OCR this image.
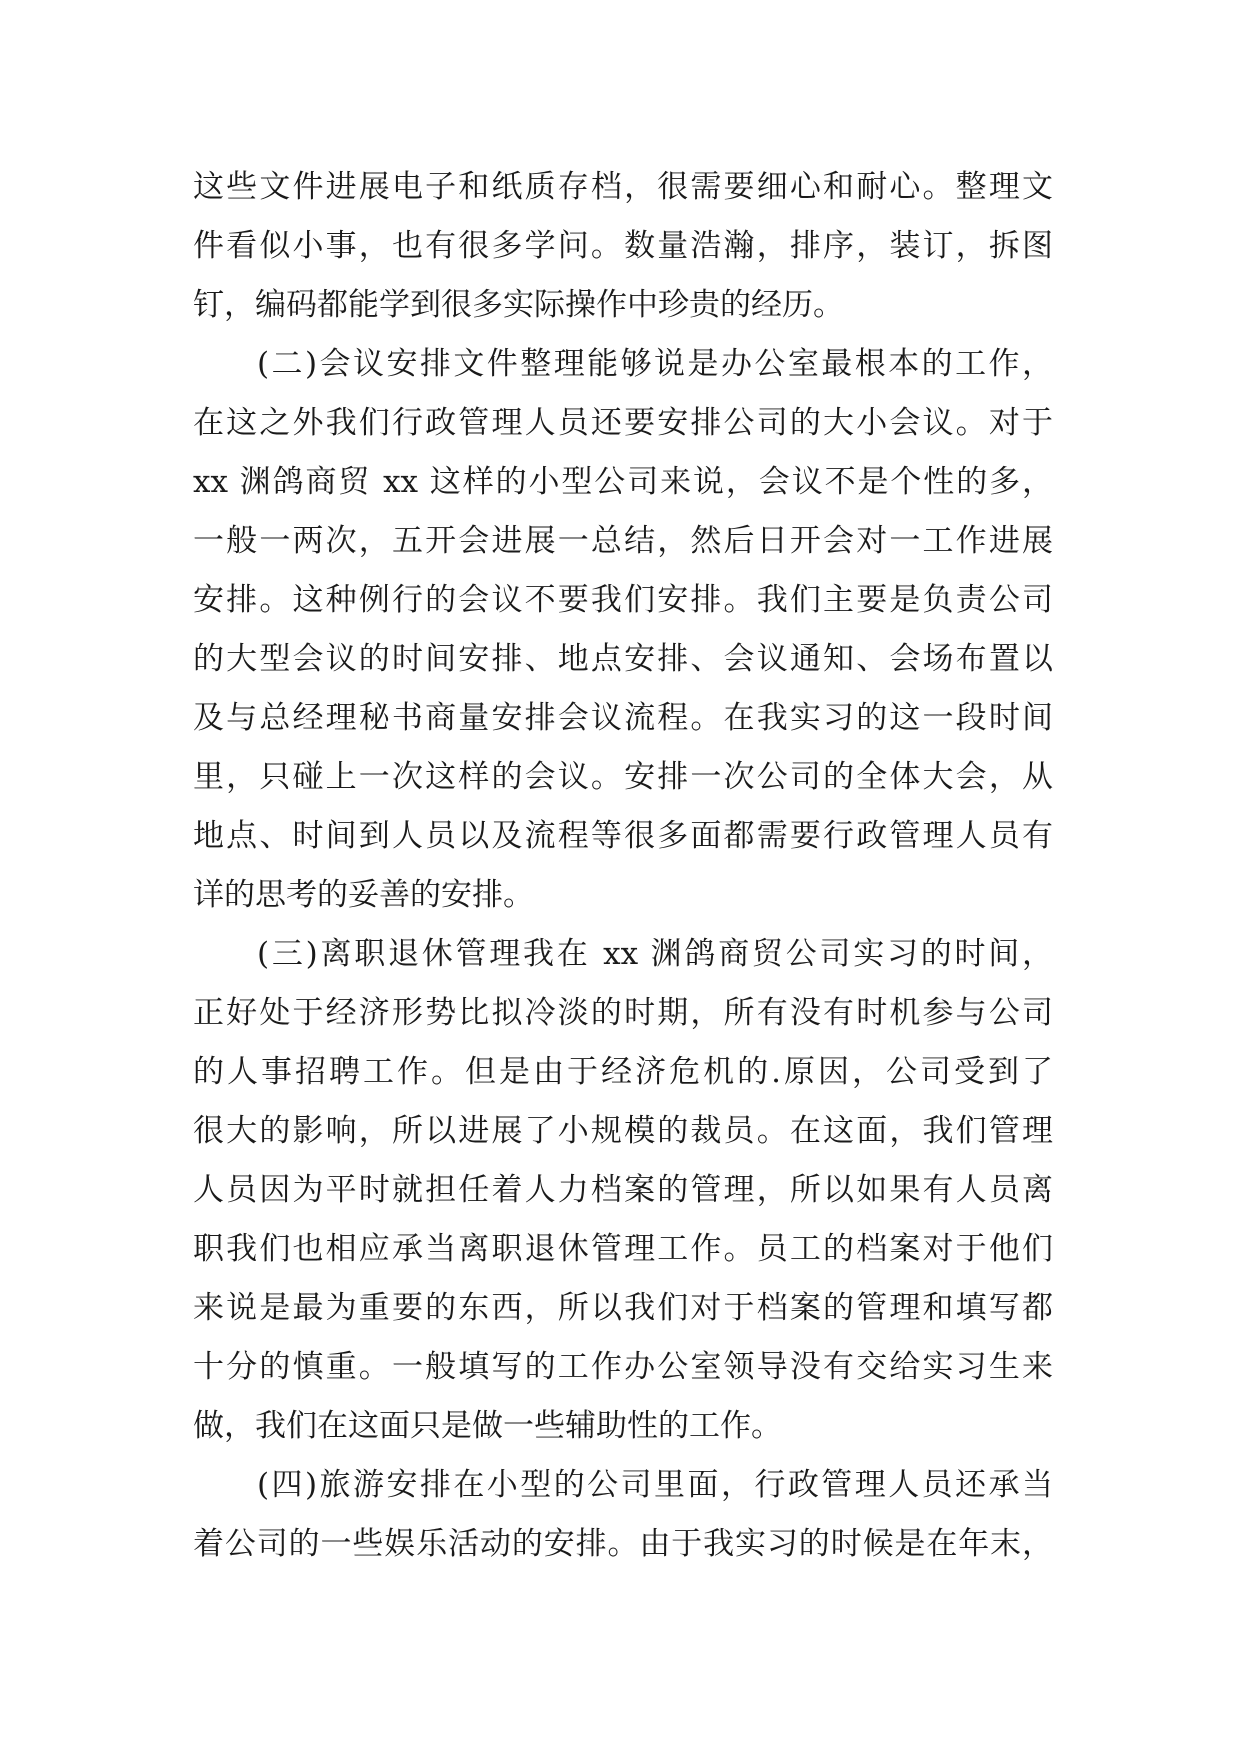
这些文件进展电子和纸质存档，很需要细心和耐心。整理文
件看似小事，也有很多学问。数量浩瀚，排序，装订，拆图
钉，编码都能学到很多实际操作中珍贵的经历。
(二)会议安排文件整理能够说是办公室最根本的工作，
在这之外我们行政管理人员还要安排公司的大小会议。对于
xx 渊鸽商贸 xx 这样的小型公司来说，会议不是个性的多，
一般一两次，五开会进展一总结，然后日开会对一工作进展
安排。这种例行的会议不要我们安排。我们主要是负责公司
的大型会议的时间安排、地点安排、会议通知、会场布置以
及与总经理秘书商量安排会议流程。在我实习的这一段时间
里，只碰上一次这样的会议。安排一次公司的全体大会，从
地点、时间到人员以及流程等很多面都需要行政管理人员有
详的思考的妥善的安排。
(三)离职退休管理我在 xx 渊鸽商贸公司实习的时间，
正好处于经济形势比拟冷淡的时期，所有没有时机参与公司
的人事招聘工作。但是由于经济危机的.原因，公司受到了
很大的影响，所以进展了小规模的裁员。在这面，我们管理
人员因为平时就担任着人力档案的管理，所以如果有人员离
职我们也相应承当离职退休管理工作。员工的档案对于他们
来说是最为重要的东西，所以我们对于档案的管理和填写都
十分的慎重。一般填写的工作办公室领导没有交给实习生来
做，我们在这面只是做一些辅助性的工作。
(四)旅游安排在小型的公司里面，行政管理人员还承当
着公司的一些娱乐活动的安排。由于我实习的时候是在年末，
